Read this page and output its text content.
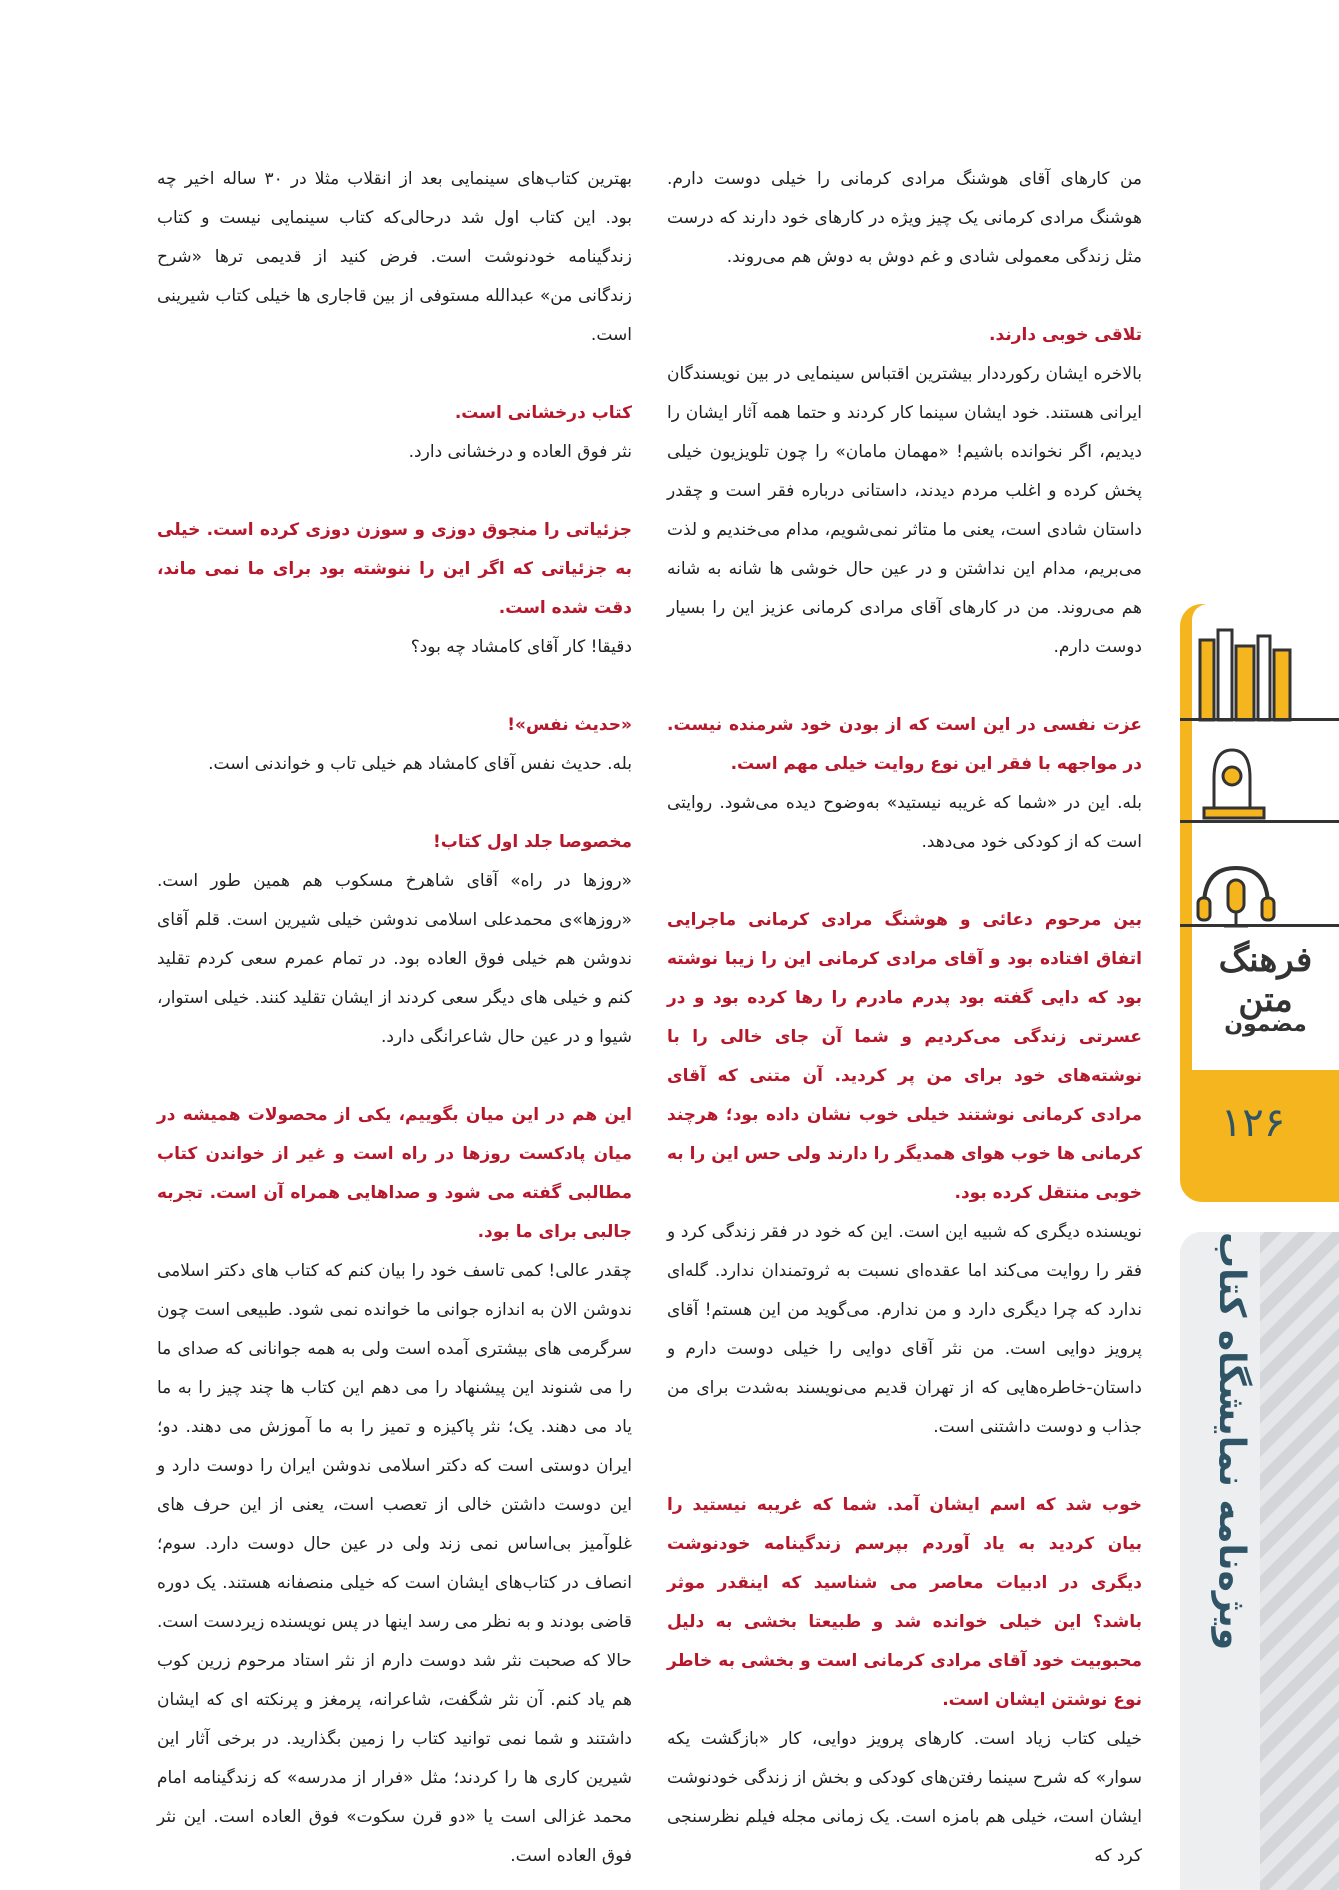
من کارهای آقای هوشنگ مرادی کرمانی را خیلی دوست دارم. هوشنگ مرادی کرمانی یک چیز ویژه در کارهای خود دارند که درست مثل زندگی معمولی شادی و غم دوش به دوش هم می‌روند.

تلاقی خوبی دارند.

بالاخره ایشان رکورددار بیشترین اقتباس سینمایی در بین نویسندگان ایرانی هستند. خود ایشان سینما کار کردند و حتما همه آثار ایشان را دیدیم، اگر نخوانده باشیم! «مهمان مامان» را چون تلویزیون خیلی پخش کرده و اغلب مردم دیدند، داستانی درباره فقر است و چقدر داستان شادی است، یعنی ما متاثر نمی‌شویم، مدام می‌خندیم و لذت می‌بریم، مدام این نداشتن و در عین حال خوشی ها شانه به شانه هم می‌روند. من در کارهای آقای مرادی کرمانی عزیز این را بسیار دوست دارم.

عزت نفسی در این است که از بودن خود شرمنده نیست. در مواجهه با فقر این نوع روایت خیلی مهم است.

بله. این در «شما که غریبه نیستید» به‌وضوح دیده می‌شود. روایتی است که از کودکی خود می‌دهد.

بین مرحوم دعائی و هوشنگ مرادی کرمانی ماجرایی اتفاق افتاده بود و آقای مرادی کرمانی این را زیبا نوشته بود که دایی گفته بود پدرم مادرم را رها کرده بود و در عسرتی زندگی می‌کردیم و شما آن جای خالی را با نوشته‌های خود برای من پر کردید. آن متنی که آقای مرادی کرمانی نوشتند خیلی خوب نشان داده بود؛ هرچند کرمانی ها خوب هوای همدیگر را دارند ولی حس این را به خوبی منتقل کرده بود.

نویسنده دیگری که شبیه این است. این که خود در فقر زندگی کرد و فقر را روایت می‌کند اما عقده‌ای نسبت به ثروتمندان ندارد. گله‌ای ندارد که چرا دیگری دارد و من ندارم. می‌گوید من این هستم! آقای پرویز دوایی است. من نثر آقای دوایی را خیلی دوست دارم و داستان-خاطره‌هایی که از تهران قدیم می‌نویسند به‌شدت برای من جذاب و دوست داشتنی است.

خوب شد که اسم ایشان آمد. شما که غریبه نیستید را بیان کردید به یاد آوردم بپرسم زندگینامه خودنوشت دیگری در ادبیات معاصر می شناسید که اینقدر موثر باشد؟ این خیلی خوانده شد و طبیعتا بخشی به دلیل محبوبیت خود آقای مرادی کرمانی است و بخشی به خاطر نوع نوشتن ایشان است.

خیلی کتاب زیاد است. کارهای پرویز دوایی، کار «بازگشت یکه سوار» که شرح سینما رفتن‌های کودکی و بخش از زندگی خودنوشت ایشان است، خیلی هم بامزه است. یک زمانی مجله فیلم نظرسنجی کرد که

بهترین کتاب‌های سینمایی بعد از انقلاب مثلا در ۳۰ ساله اخیر چه بود. این کتاب اول شد درحالی‌که کتاب سینمایی نیست و کتاب زندگینامه خودنوشت است. فرض کنید از قدیمی ترها «شرح زندگانی من» عبدالله مستوفی از بین قاجاری ها خیلی کتاب شیرینی است.

کتاب درخشانی است.

نثر فوق العاده و درخشانی دارد.

جزئیاتی را منجوق دوزی و سوزن دوزی کرده است. خیلی به جزئیاتی که اگر این را ننوشته بود برای ما نمی ماند، دقت شده است.

دقیقا! کار آقای کامشاد چه بود؟

«حدیث نفس»!

بله. حدیث نفس آقای کامشاد هم خیلی تاب و خواندنی است.

مخصوصا جلد اول کتاب!

«روزها در راه» آقای شاهرخ مسکوب هم همین طور است. «روزها»ی محمدعلی اسلامی ندوشن خیلی شیرین است. قلم آقای ندوشن هم خیلی فوق العاده بود. در تمام عمرم سعی کردم تقلید کنم و خیلی های دیگر سعی کردند از ایشان تقلید کنند. خیلی استوار، شیوا و در عین حال شاعرانگی دارد.

این هم در این میان بگوییم، یکی از محصولات همیشه در میان پادکست روزها در راه است و غیر از خواندن کتاب مطالبی گفته می شود و صداهایی همراه آن است. تجربه جالبی برای ما بود.

چقدر عالی! کمی تاسف خود را بیان کنم که کتاب های دکتر اسلامی ندوشن الان به اندازه جوانی ما خوانده نمی شود. طبیعی است چون سرگرمی های بیشتری آمده است ولی به همه جوانانی که صدای ما را می شنوند این پیشنهاد را می دهم این کتاب ها چند چیز را به ما یاد می دهند. یک؛ نثر پاکیزه و تمیز را به ما آموزش می دهند. دو؛ ایران دوستی است که دکتر اسلامی ندوشن ایران را دوست دارد و این دوست داشتن خالی از تعصب است، یعنی از این حرف های غلوآمیز بی‌اساس نمی زند ولی در عین حال دوست دارد. سوم؛ انصاف در کتاب‌های ایشان است که خیلی منصفانه هستند. یک دوره قاضی بودند و به نظر می رسد اینها در پس نویسنده زیردست است. حالا که صحبت نثر شد دوست دارم از نثر استاد مرحوم زرین کوب هم یاد کنم. آن نثر شگفت، شاعرانه، پرمغز و پرنکته ای که ایشان داشتند و شما نمی توانید کتاب را زمین بگذارید. در برخی آثار این شیرین کاری ها را کردند؛ مثل «فرار از مدرسه» که زندگینامه امام محمد غزالی است یا «دو قرن سکوت» فوق العاده است. این نثر فوق العاده است.

فرهنگ متن
مضمون
۱۲۶
ویژه‌نامه نمایشگاه کتاب
